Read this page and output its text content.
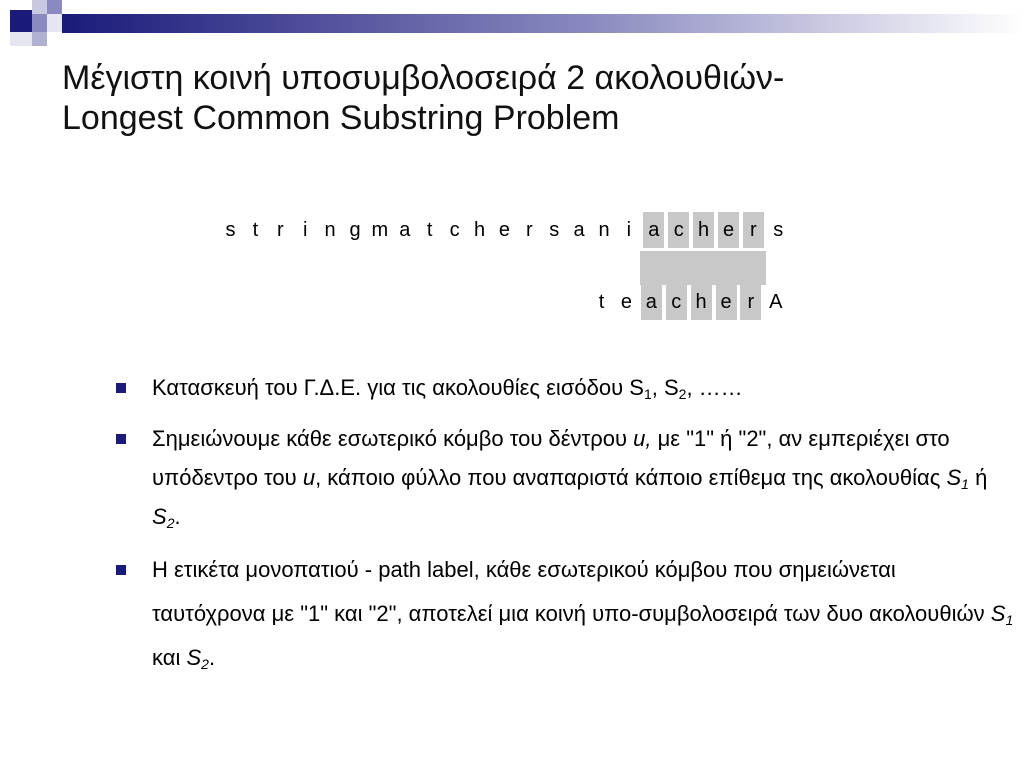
Μέγιστη κοινή υποσυμβολοσειρά 2 ακολουθιών-
Longest Common Substring Problem
s t r i n g m a t c h e r s a n i a c h e r s
t e a c h e r A
Κατασκευή του Γ.Δ.Ε. για τις ακολουθίες εισόδου $S_1$, $S_2$, ……
Σημειώνουμε κάθε εσωτερικό κόμβο του δέντρου u, με "1" ή "2", αν εμπεριέχει στο υπόδεντρο του u, κάποιο φύλλο που αναπαριστά κάποιο επίθεμα της ακολουθίας $S_1$ ή $S_2$.
Η ετικέτα μονοπατιού - path label, κάθε εσωτερικού κόμβου που σημειώνεται ταυτόχρονα με "1" και "2", αποτελεί μια κοινή υπο-συμβολοσειρά των δυο ακολουθιών $S_1$ και $S_2$.
